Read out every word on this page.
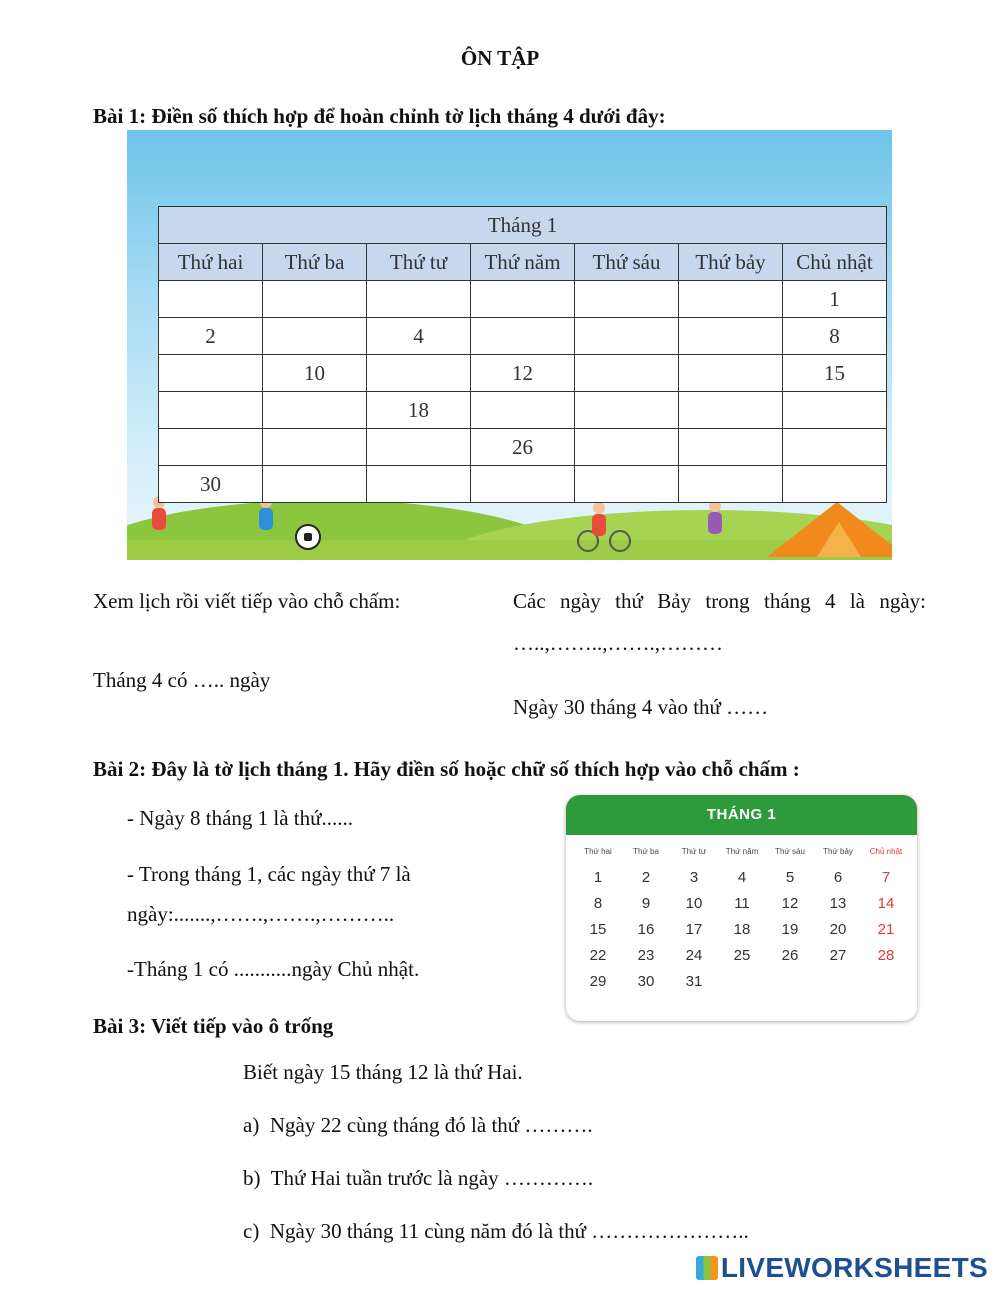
ÔN TẬP
Bài 1: Điền số thích hợp để hoàn chỉnh tờ lịch tháng 4 dưới đây:
Tháng 1						
Thứ hai	Thứ ba	Thứ tư	Thứ năm	Thứ sáu	Thứ bảy	Chủ nhật
						1
2		4				8
	10		12			15
		18				
			26			
30						
Xem lịch rồi viết tiếp vào chỗ chấm:
Tháng 4 có ….. ngày
Các ngày thứ Bảy trong tháng 4 là ngày:
…..,……..,…….,………
Ngày 30 tháng 4 vào thứ ……
Bài 2: Đây là tờ lịch tháng 1. Hãy điền số hoặc chữ số thích hợp vào chỗ chấm :
- Ngày 8 tháng 1 là thứ......
- Trong tháng 1, các ngày thứ 7 là
ngày:.......,…….,…….,………..
-Tháng 1 có ...........ngày Chủ nhật.
THÁNG 1
Thứ hai	Thứ ba	Thứ tư	Thứ năm	Thứ sáu	Thứ bảy	Chủ nhật
1	2	3	4	5	6	7
8	9	10	11	12	13	14
15	16	17	18	19	20	21
22	23	24	25	26	27	28
29	30	31
Bài 3: Viết tiếp vào ô trống
Biết ngày 15 tháng 12 là thứ Hai.
a) Ngày 22 cùng tháng đó là thứ ……….
b) Thứ Hai tuần trước là ngày ………….
c) Ngày 30 tháng 11 cùng năm đó là thứ …………………..
LIVEWORKSHEETS
